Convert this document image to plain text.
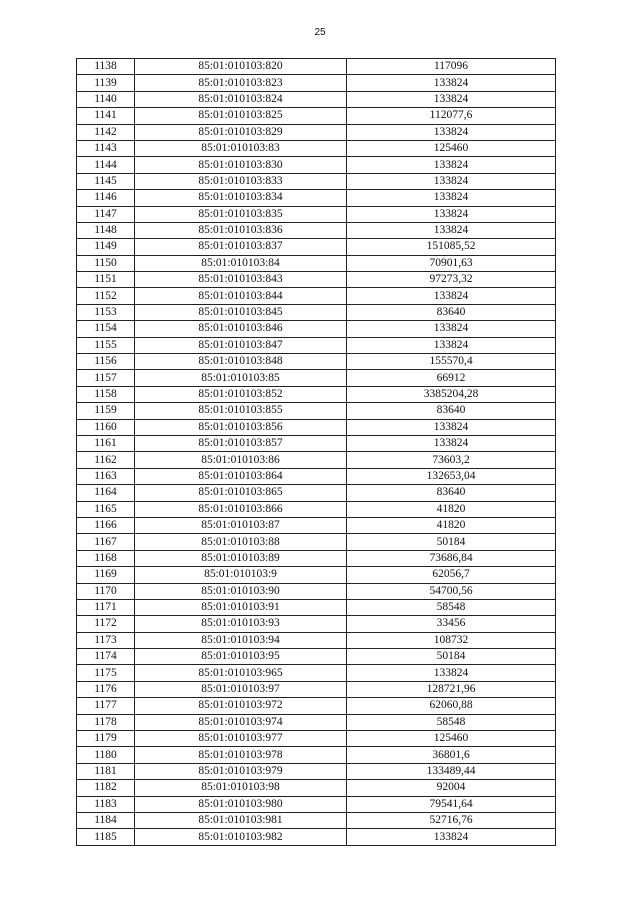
25
1138	85:01:010103:820	117096
1139	85:01:010103:823	133824
1140	85:01:010103:824	133824
1141	85:01:010103:825	112077,6
1142	85:01:010103:829	133824
1143	85:01:010103:83	125460
1144	85:01:010103:830	133824
1145	85:01:010103:833	133824
1146	85:01:010103:834	133824
1147	85:01:010103:835	133824
1148	85:01:010103:836	133824
1149	85:01:010103:837	151085,52
1150	85:01:010103:84	70901,63
1151	85:01:010103:843	97273,32
1152	85:01:010103:844	133824
1153	85:01:010103:845	83640
1154	85:01:010103:846	133824
1155	85:01:010103:847	133824
1156	85:01:010103:848	155570,4
1157	85:01:010103:85	66912
1158	85:01:010103:852	3385204,28
1159	85:01:010103:855	83640
1160	85:01:010103:856	133824
1161	85:01:010103:857	133824
1162	85:01:010103:86	73603,2
1163	85:01:010103:864	132653,04
1164	85:01:010103:865	83640
1165	85:01:010103:866	41820
1166	85:01:010103:87	41820
1167	85:01:010103:88	50184
1168	85:01:010103:89	73686,84
1169	85:01:010103:9	62056,7
1170	85:01:010103:90	54700,56
1171	85:01:010103:91	58548
1172	85:01:010103:93	33456
1173	85:01:010103:94	108732
1174	85:01:010103:95	50184
1175	85:01:010103:965	133824
1176	85:01:010103:97	128721,96
1177	85:01:010103:972	62060,88
1178	85:01:010103:974	58548
1179	85:01:010103:977	125460
1180	85:01:010103:978	36801,6
1181	85:01:010103:979	133489,44
1182	85:01:010103:98	92004
1183	85:01:010103:980	79541,64
1184	85:01:010103:981	52716,76
1185	85:01:010103:982	133824
